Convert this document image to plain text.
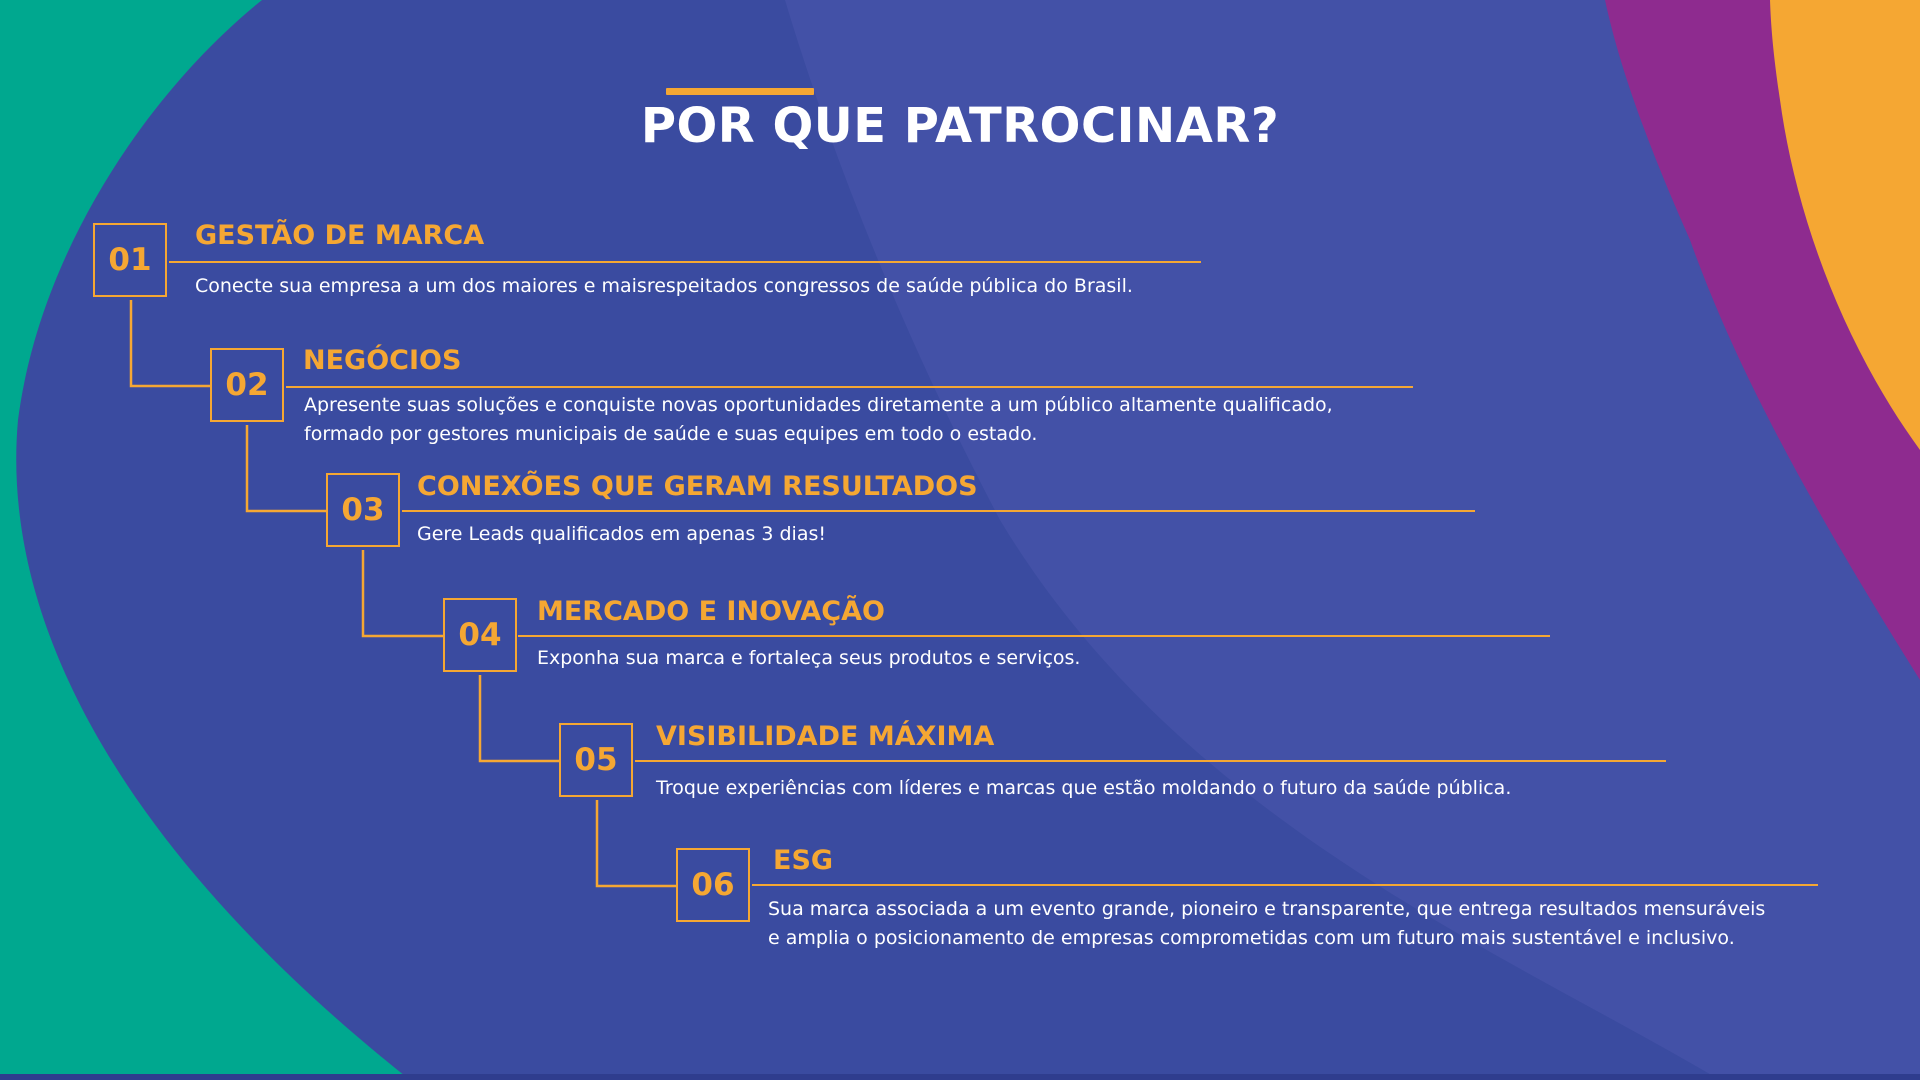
POR QUE PATROCINAR?
01
GESTÃO DE MARCA
Conecte sua empresa a um dos maiores e maisrespeitados congressos de saúde pública do Brasil.
02
NEGÓCIOS
Apresente suas soluções e conquiste novas oportunidades diretamente a um público altamente qualificado,
formado por gestores municipais de saúde e suas equipes em todo o estado.
03
CONEXÕES QUE GERAM RESULTADOS
Gere Leads qualificados em apenas 3 dias!
04
MERCADO E INOVAÇÃO
Exponha sua marca e fortaleça seus produtos e serviços.
05
VISIBILIDADE MÁXIMA
Troque experiências com líderes e marcas que estão moldando o futuro da saúde pública.
06
ESG
Sua marca associada a um evento grande, pioneiro e transparente, que entrega resultados mensuráveis
e amplia o posicionamento de empresas comprometidas com um futuro mais sustentável e inclusivo.
